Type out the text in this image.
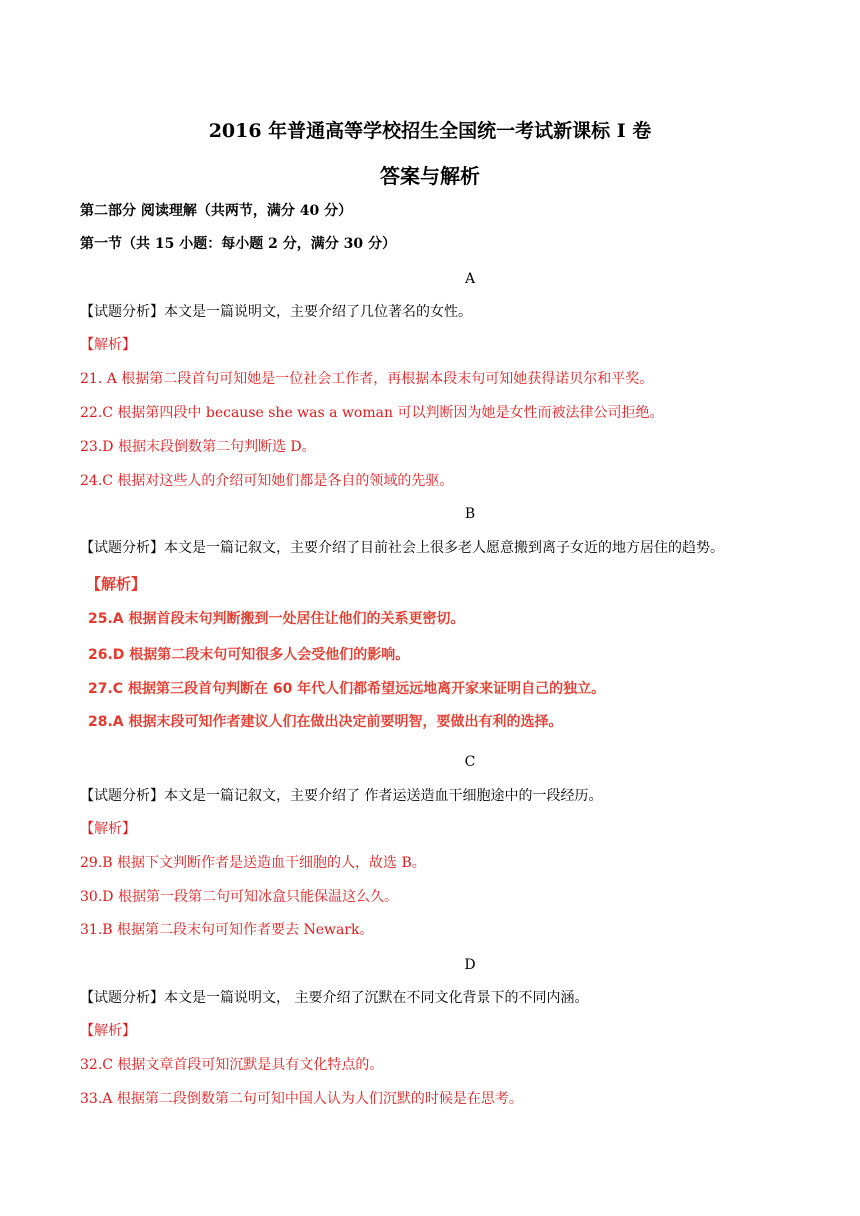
2016 年普通高等学校招生全国统一考试新课标 I 卷
答案与解析
第二部分 阅读理解（共两节，满分 40 分）
第一节（共 15 小题：每小题 2 分，满分 30 分）
A
【试题分析】本文是一篇说明文，主要介绍了几位著名的女性。
【解析】
21. A 根据第二段首句可知她是一位社会工作者，再根据本段末句可知她获得诺贝尔和平奖。
22.C 根据第四段中 because she was a woman 可以判断因为她是女性而被法律公司拒绝。
23.D 根据末段倒数第二句判断选 D。
24.C 根据对这些人的介绍可知她们都是各自的领域的先驱。
B
【试题分析】本文是一篇记叙文，主要介绍了目前社会上很多老人愿意搬到离子女近的地方居住的趋势。
【解析】
25.A 根据首段末句判断搬到一处居住让他们的关系更密切。
26.D 根据第二段末句可知很多人会受他们的影响。
27.C 根据第三段首句判断在 60 年代人们都希望远远地离开家来证明自己的独立。
28.A 根据末段可知作者建议人们在做出决定前要明智，要做出有利的选择。
C
【试题分析】本文是一篇记叙文，主要介绍了 作者运送造血干细胞途中的一段经历。
【解析】
29.B 根据下文判断作者是送造血干细胞的人，故选 B。
30.D 根据第一段第二句可知冰盒只能保温这么久。
31.B 根据第二段末句可知作者要去 Newark。
D
【试题分析】本文是一篇说明文， 主要介绍了沉默在不同文化背景下的不同内涵。
【解析】
32.C 根据文章首段可知沉默是具有文化特点的。
33.A 根据第二段倒数第二句可知中国人认为人们沉默的时候是在思考。
